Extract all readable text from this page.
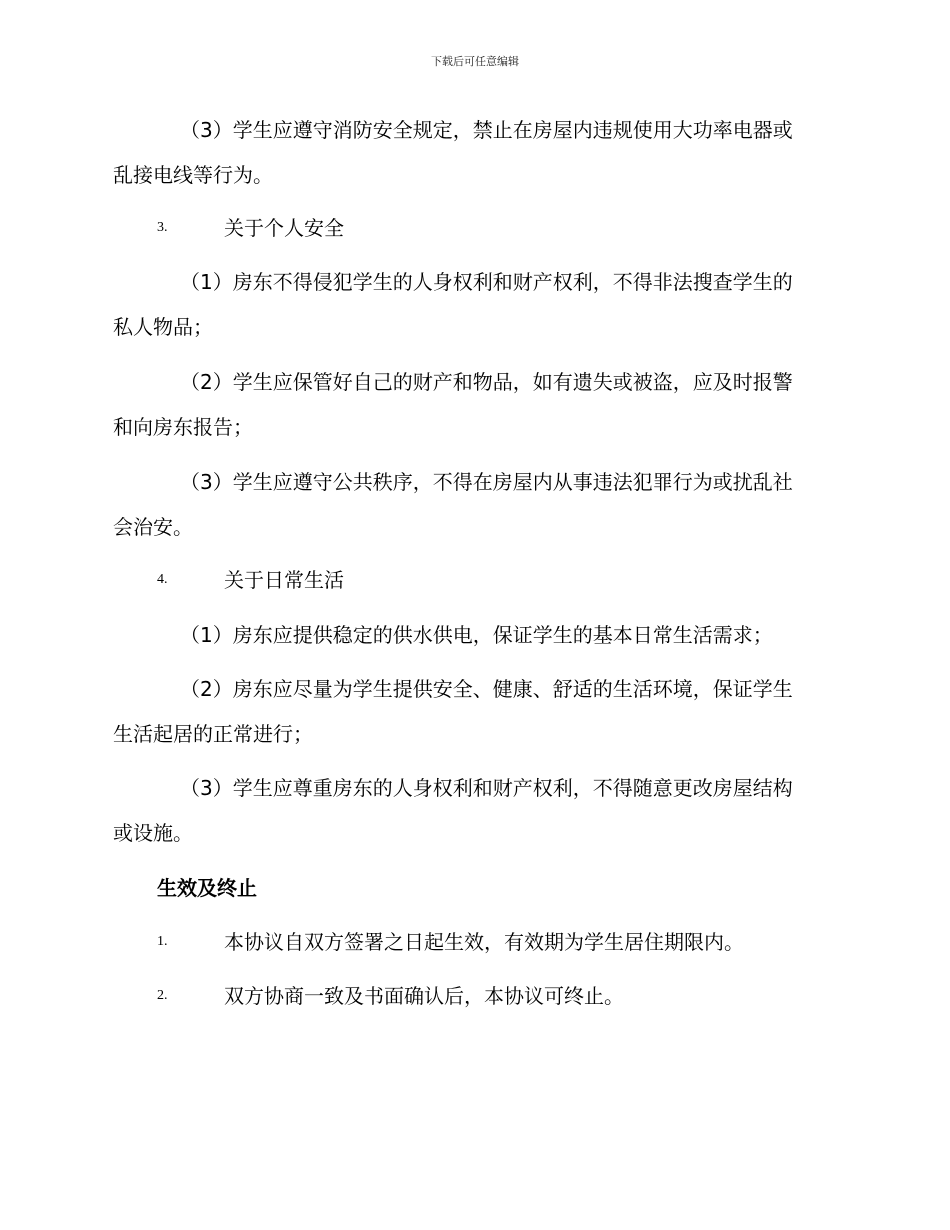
下载后可任意编辑
（3）学生应遵守消防安全规定，禁止在房屋内违规使用大功率电器或
乱接电线等行为。
3.	关于个人安全
（1）房东不得侵犯学生的人身权利和财产权利，不得非法搜查学生的
私人物品；
（2）学生应保管好自己的财产和物品，如有遗失或被盗，应及时报警
和向房东报告；
（3）学生应遵守公共秩序，不得在房屋内从事违法犯罪行为或扰乱社
会治安。
4.	关于日常生活
（1）房东应提供稳定的供水供电，保证学生的基本日常生活需求；
（2）房东应尽量为学生提供安全、健康、舒适的生活环境，保证学生
生活起居的正常进行；
（3）学生应尊重房东的人身权利和财产权利，不得随意更改房屋结构
或设施。
生效及终止
1.	本协议自双方签署之日起生效，有效期为学生居住期限内。
2.	双方协商一致及书面确认后，本协议可终止。
